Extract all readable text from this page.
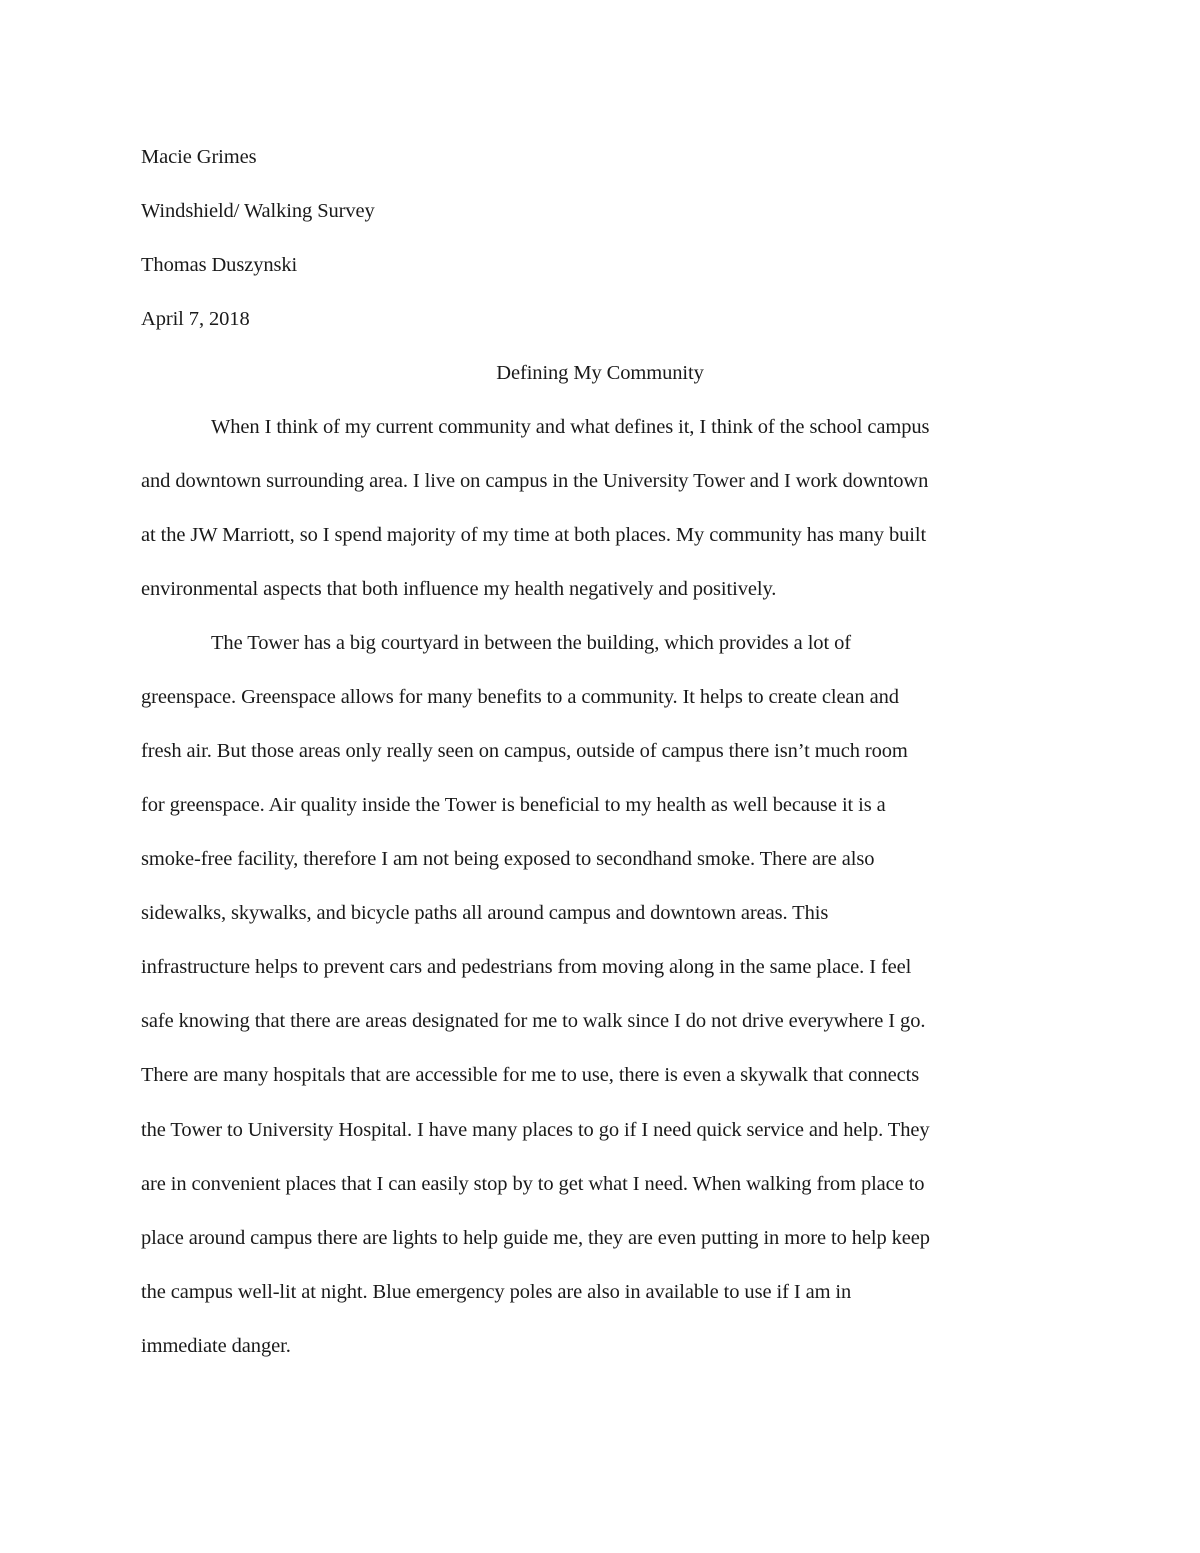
Macie Grimes
Windshield/ Walking Survey
Thomas Duszynski
April 7, 2018
Defining My Community
When I think of my current community and what defines it, I think of the school campus
and downtown surrounding area. I live on campus in the University Tower and I work downtown
at the JW Marriott, so I spend majority of my time at both places. My community has many built
environmental aspects that both influence my health negatively and positively.
The Tower has a big courtyard in between the building, which provides a lot of
greenspace. Greenspace allows for many benefits to a community. It helps to create clean and
fresh air. But those areas only really seen on campus, outside of campus there isn’t much room
for greenspace. Air quality inside the Tower is beneficial to my health as well because it is a
smoke-free facility, therefore I am not being exposed to secondhand smoke. There are also
sidewalks, skywalks, and bicycle paths all around campus and downtown areas. This
infrastructure helps to prevent cars and pedestrians from moving along in the same place. I feel
safe knowing that there are areas designated for me to walk since I do not drive everywhere I go.
There are many hospitals that are accessible for me to use, there is even a skywalk that connects
the Tower to University Hospital. I have many places to go if I need quick service and help. They
are in convenient places that I can easily stop by to get what I need. When walking from place to
place around campus there are lights to help guide me, they are even putting in more to help keep
the campus well-lit at night. Blue emergency poles are also in available to use if I am in
immediate danger.
